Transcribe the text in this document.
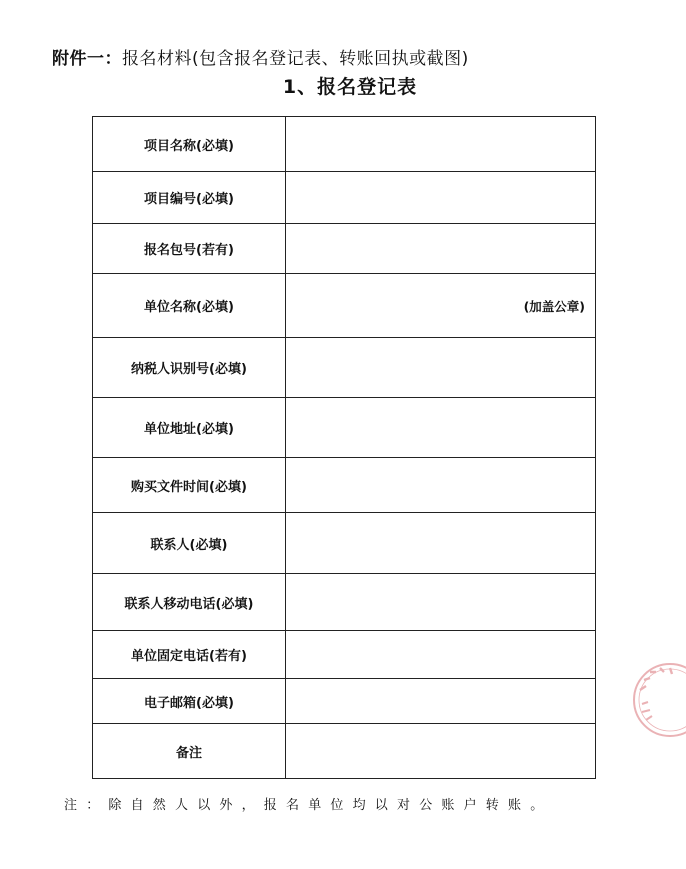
附件一：报名材料(包含报名登记表、转账回执或截图)
1、报名登记表
项目名称(必填)	
项目编号(必填)	
报名包号(若有)	
单位名称(必填)	(加盖公章)

纳税人识别号(必填)	
单位地址(必填)	
购买文件时间(必填)	
联系人(必填)	
联系人移动电话(必填)	
单位固定电话(若有)	
电子邮箱(必填)	
备注	
注：除自然人以外，报名单位均以对公账户转账。
